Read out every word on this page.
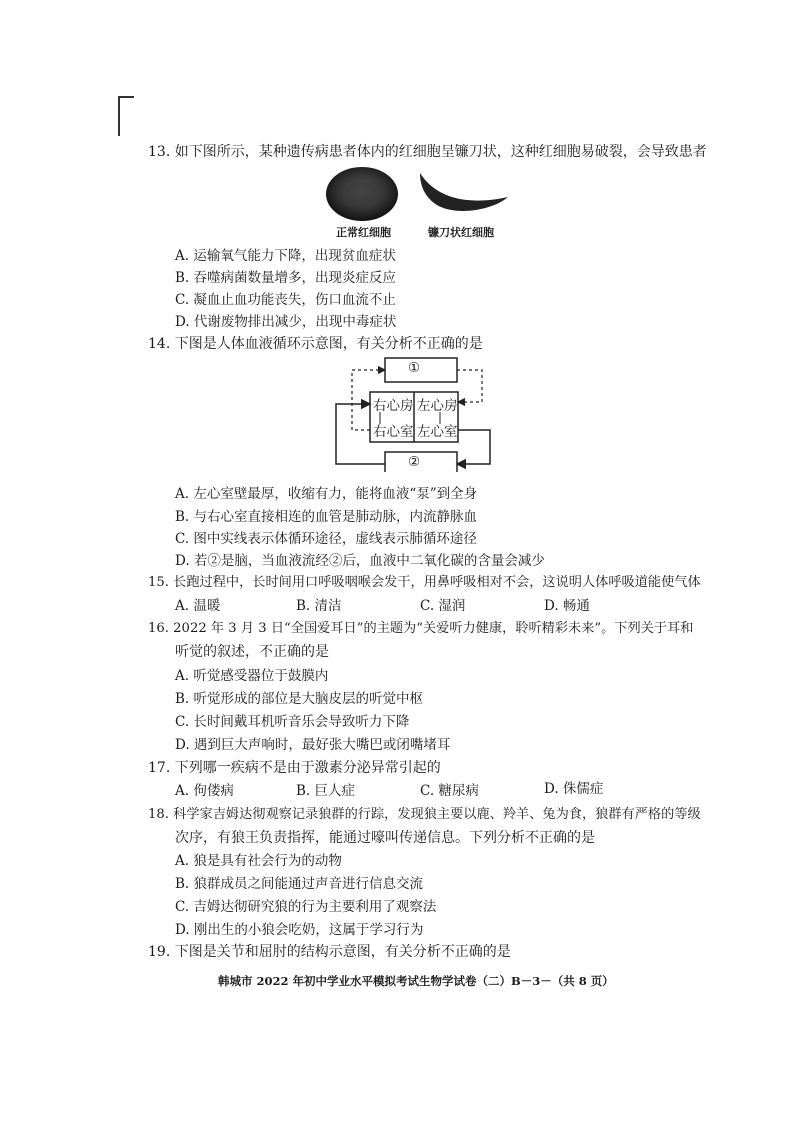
13. 如下图所示，某种遗传病患者体内的红细胞呈镰刀状，这种红细胞易破裂，会导致患者
正常红细胞	镰刀状红细胞
A. 运输氧气能力下降，出现贫血症状
B. 吞噬病菌数量增多，出现炎症反应
C. 凝血止血功能丧失，伤口血流不止
D. 代谢废物排出减少，出现中毒症状
14. 下图是人体血液循环示意图，有关分析不正确的是
①
②
右心房
右心室
左心房
左心室
A. 左心室壁最厚，收缩有力，能将血液“泵”到全身
B. 与右心室直接相连的血管是肺动脉，内流静脉血
C. 图中实线表示体循环途径，虚线表示肺循环途径
D. 若②是脑，当血液流经②后，血液中二氧化碳的含量会减少
15. 长跑过程中，长时间用口呼吸咽喉会发干，用鼻呼吸相对不会，这说明人体呼吸道能使气体
A. 温暖	B. 清洁	C. 湿润	D. 畅通
16. 2022 年 3 月 3 日“全国爱耳日”的主题为“关爱听力健康，聆听精彩未来”。下列关于耳和
听觉的叙述，不正确的是
A. 听觉感受器位于鼓膜内
B. 听觉形成的部位是大脑皮层的听觉中枢
C. 长时间戴耳机听音乐会导致听力下降
D. 遇到巨大声响时，最好张大嘴巴或闭嘴堵耳
17. 下列哪一疾病不是由于激素分泌异常引起的
A. 佝偻病	B. 巨人症	C. 糖尿病	D. 侏儒症
18. 科学家吉姆达彻观察记录狼群的行踪，发现狼主要以鹿、羚羊、兔为食，狼群有严格的等级
次序，有狼王负责指挥，能通过嚎叫传递信息。下列分析不正确的是
A. 狼是具有社会行为的动物
B. 狼群成员之间能通过声音进行信息交流
C. 吉姆达彻研究狼的行为主要利用了观察法
D. 刚出生的小狼会吃奶，这属于学习行为
19. 下图是关节和屈肘的结构示意图，有关分析不正确的是
韩城市 2022 年初中学业水平模拟考试生物学试卷（二）B－3－（共 8 页）
